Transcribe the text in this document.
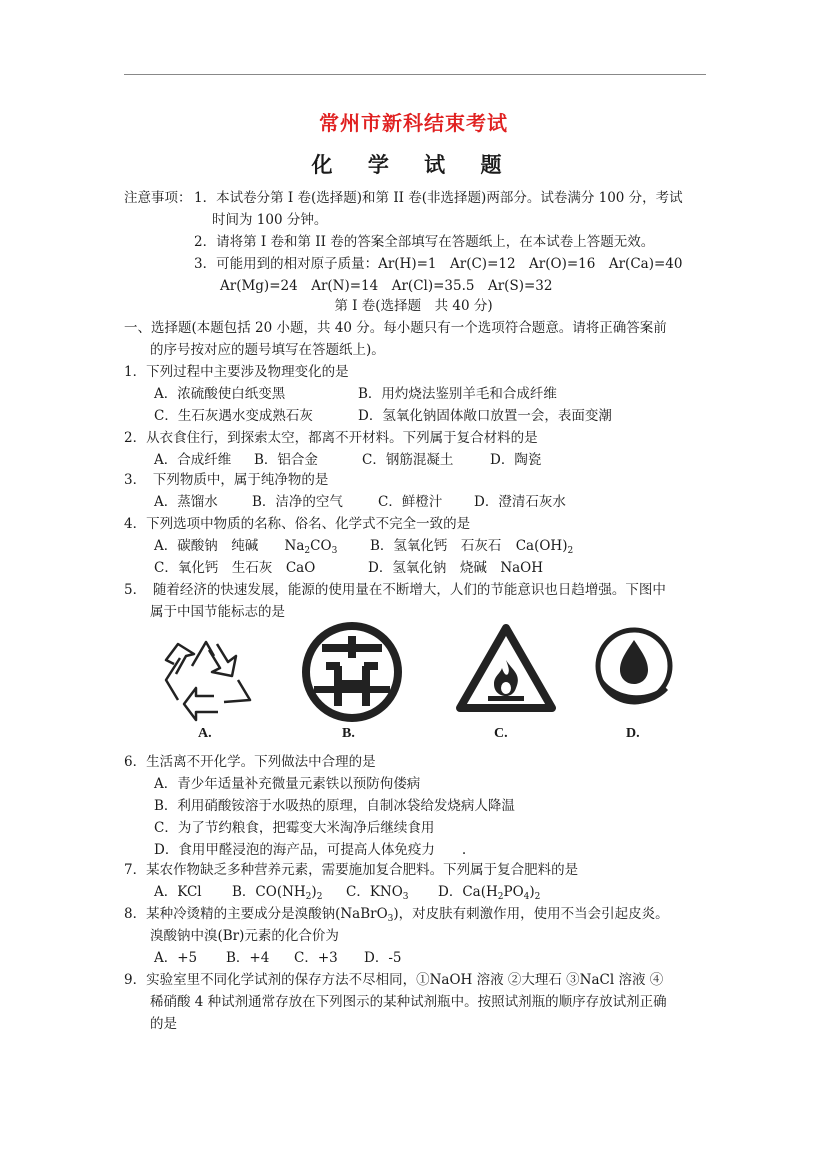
常州市新科结束考试
化 学 试 题
注意事项： 1．本试卷分第 I 卷(选择题)和第 II 卷(非选择题)两部分。试卷满分 100 分，考试
时间为 100 分钟。
2．请将第 I 卷和第 II 卷的答案全部填写在答题纸上，在本试卷上答题无效。
3．可能用到的相对原子质量：Ar(H)=1　Ar(C)=12　Ar(O)=16　Ar(Ca)=40
Ar(Mg)=24　Ar(N)=14　Ar(Cl)=35.5　Ar(S)=32
第 I 卷(选择题　共 40 分)
一、选择题(本题包括 20 小题，共 40 分。每小题只有一个选项符合题意。请将正确答案前
的序号按对应的题号填写在答题纸上)。
1．下列过程中主要涉及物理变化的是
A．浓硫酸使白纸变黑	B．用灼烧法鉴别羊毛和合成纤维
C．生石灰遇水变成熟石灰	D．氢氧化钠固体敞口放置一会，表面变潮
2．从衣食住行，到探索太空，都离不开材料。下列属于复合材料的是
A．合成纤维 B．铝合金	C．钢筋混凝土	D．陶瓷
3．　下列物质中，属于纯净物的是
A．蒸馏水	B．洁净的空气	C．鲜橙汁 D．澄清石灰水
4．下列选项中物质的名称、俗名、化学式不完全一致的是
A．碳酸钠　纯碱 $Na_2CO_3$ B．氢氧化钙　石灰石 $Ca(OH)_2$
C．氧化钙　生石灰　CaO	D．氢氧化钠　烧碱　NaOH
5．　随着经济的快速发展，能源的使用量在不断增大，人们的节能意识也日趋增强。下图中
属于中国节能标志的是
A.	B.	C.	D.
6．生活离不开化学。下列做法中合理的是
A．青少年适量补充微量元素铁以预防佝偻病
B．利用硝酸铵溶于水吸热的原理，自制冰袋给发烧病人降温
C．为了节约粮食，把霉变大米淘净后继续食用
D．食用甲醛浸泡的海产品，可提高人体免疫力　　.
7．某农作物缺乏多种营养元素，需要施加复合肥料。下列属于复合肥料的是
A．KCl B．$CO(NH_2)_2$ C．$KNO_3$ D．$Ca(H_2PO_4)_2$
8．某种冷烫精的主要成分是溴酸钠(NaBrO$_3$)，对皮肤有刺激作用，使用不当会引起皮炎。
溴酸钠中溴(Br)元素的化合价为
A．+5 B．+4 C．+3 D．-5
9．实验室里不同化学试剂的保存方法不尽相同，①NaOH 溶液 ②大理石 ③NaCl 溶液 ④
稀硝酸 4 种试剂通常存放在下列图示的某种试剂瓶中。按照试剂瓶的顺序存放试剂正确
的是
